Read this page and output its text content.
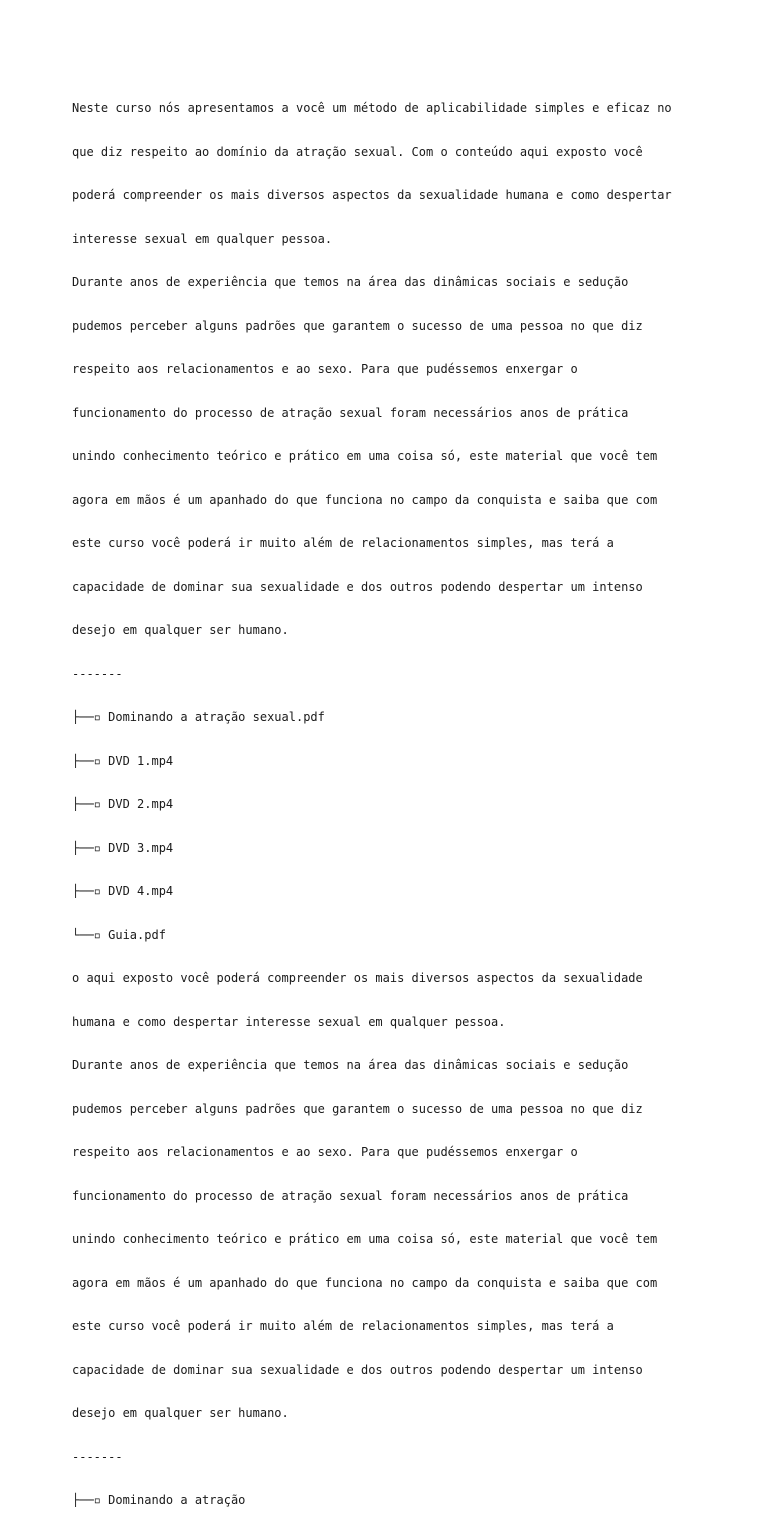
Neste curso nós apresentamos a você um método de aplicabilidade simples e eficaz no

que diz respeito ao domínio da atração sexual. Com o conteúdo aqui exposto você

poderá compreender os mais diversos aspectos da sexualidade humana e como despertar

interesse sexual em qualquer pessoa.

Durante anos de experiência que temos na área das dinâmicas sociais e sedução

pudemos perceber alguns padrões que garantem o sucesso de uma pessoa no que diz

respeito aos relacionamentos e ao sexo. Para que pudéssemos enxergar o

funcionamento do processo de atração sexual foram necessários anos de prática

unindo conhecimento teórico e prático em uma coisa só, este material que você tem

agora em mãos é um apanhado do que funciona no campo da conquista e saiba que com

este curso você poderá ir muito além de relacionamentos simples, mas terá a

capacidade de dominar sua sexualidade e dos outros podendo despertar um intenso

desejo em qualquer ser humano.

-------

├──▫ Dominando a atração sexual.pdf

├──▫ DVD 1.mp4

├──▫ DVD 2.mp4

├──▫ DVD 3.mp4

├──▫ DVD 4.mp4

└──▫ Guia.pdf

o aqui exposto você poderá compreender os mais diversos aspectos da sexualidade

humana e como despertar interesse sexual em qualquer pessoa.

Durante anos de experiência que temos na área das dinâmicas sociais e sedução

pudemos perceber alguns padrões que garantem o sucesso de uma pessoa no que diz

respeito aos relacionamentos e ao sexo. Para que pudéssemos enxergar o

funcionamento do processo de atração sexual foram necessários anos de prática

unindo conhecimento teórico e prático em uma coisa só, este material que você tem

agora em mãos é um apanhado do que funciona no campo da conquista e saiba que com

este curso você poderá ir muito além de relacionamentos simples, mas terá a

capacidade de dominar sua sexualidade e dos outros podendo despertar um intenso

desejo em qualquer ser humano.

-------

├──▫ Dominando a atração
